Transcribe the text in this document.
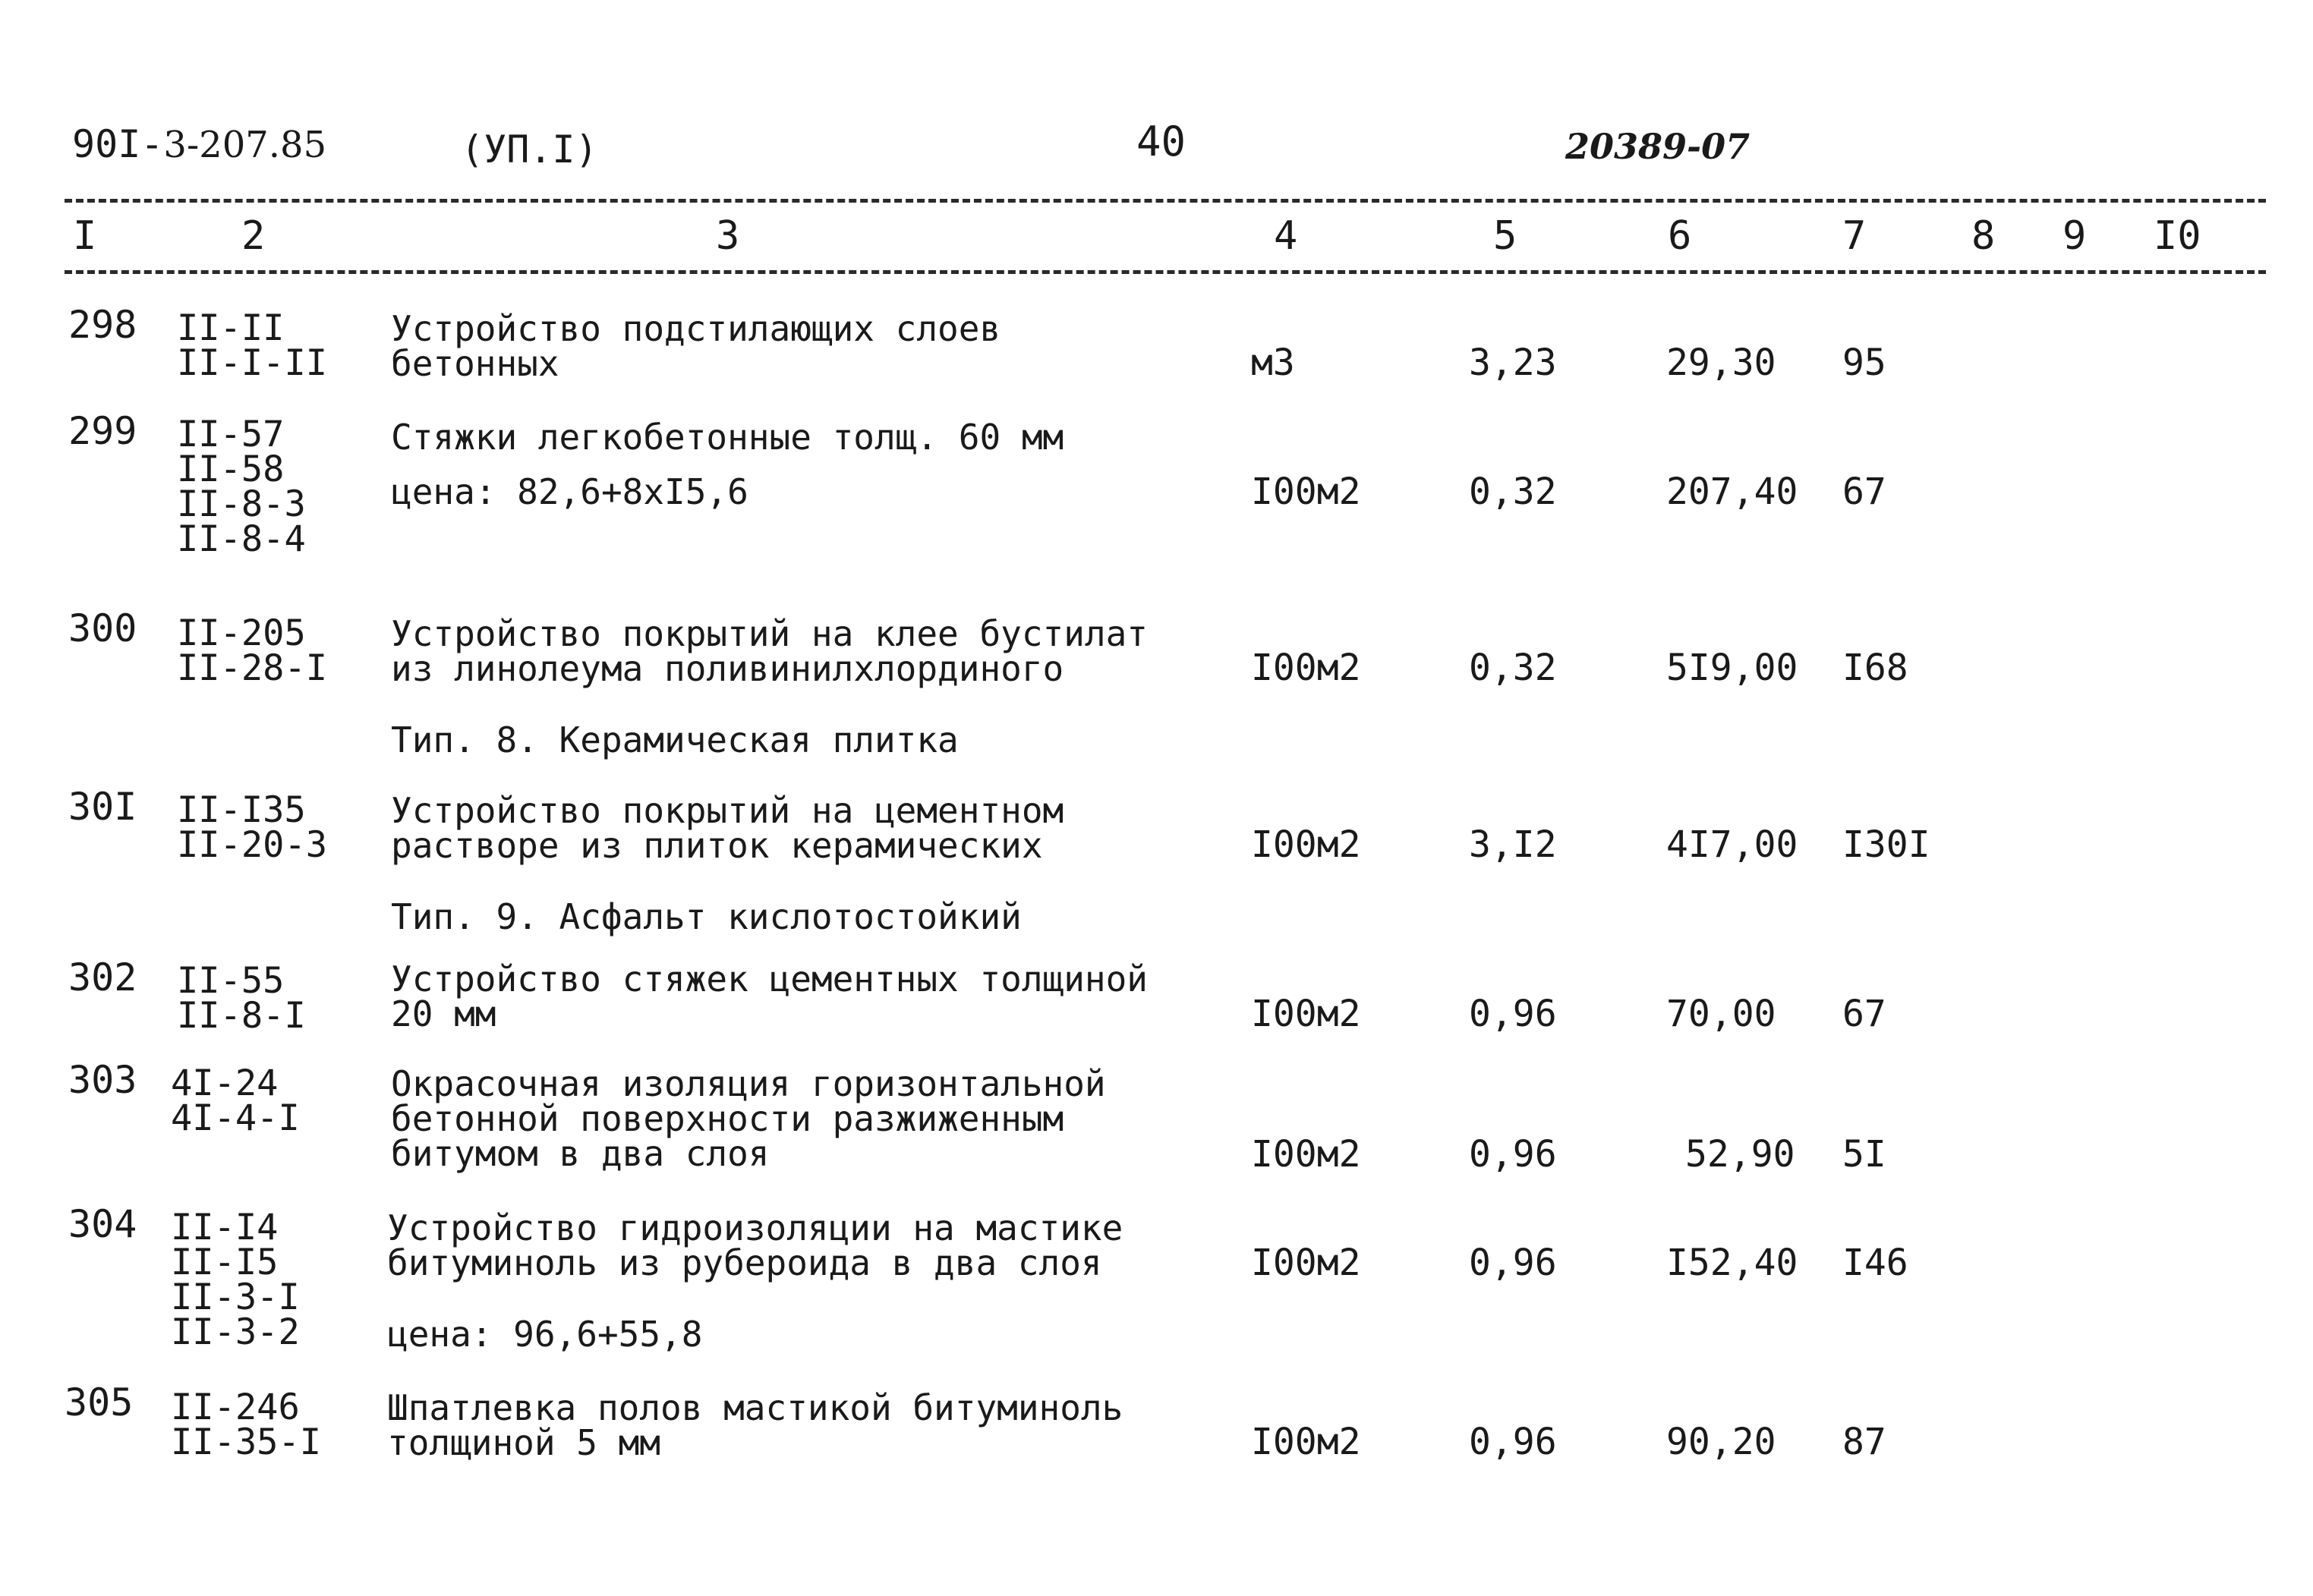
90I-3-207.85	(УП.I)	40	20389-07
I	2	3	4	5	6	7	8 9 I0
298 II-II
II-I-II
Устройство подстилающих слоев
бетонных	м3	3,23	29,30 95
299 II-57
II-58
II-8-3
II-8-4
Стяжки легкобетонные толщ. 60 мм
цена: 82,6+8хI5,6	I00м2	0,32	207,40 67
300 II-205
II-28-I
Устройство покрытий на клее бустилат
из линолеума поливинилхлординого	I00м2	0,32	5I9,00 I68
Тип. 8. Керамическая плитка
30I II-I35
II-20-3
Устройство покрытий на цементном
растворе из плиток керамических	I00м2	3,I2	4I7,00 I30I
Тип. 9. Асфальт кислотостойкий
302 II-55
II-8-I
Устройство стяжек цементных толщиной
20 мм	I00м2	0,96	70,00 67
303 4I-24
4I-4-I
Окрасочная изоляция горизонтальной
бетонной поверхности разжиженным
битумом в два слоя	I00м2	0,96	52,90 5I
304 II-I4
II-I5
II-3-I
II-3-2
Устройство гидроизоляции на мастике
битуминоль из рубероида в два слоя
цена: 96,6+55,8
I00м2	0,96	I52,40 I46
305 II-246
II-35-I
Шпатлевка полов мастикой битуминоль
толщиной 5 мм	I00м2	0,96	90,20 87
